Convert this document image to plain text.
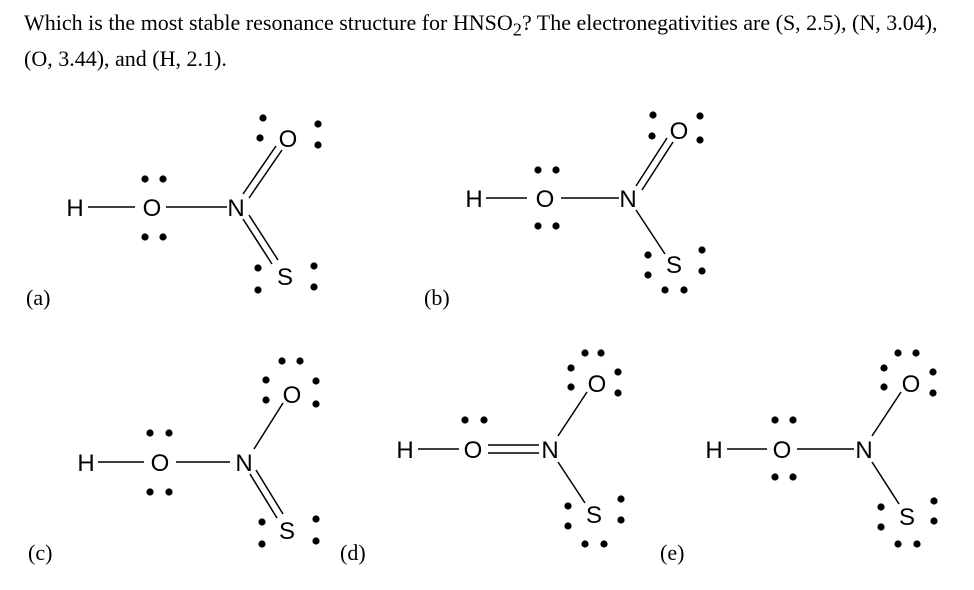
Which is the most stable resonance structure for $HNSO_2$? The electronegativities are (S, 2.5), (N, 3.04), (O, 3.44), and (H, 2.1).
(a)	(b)
(c)	(d)	(e)
H O	N
O
S
H O	N
O
S
H O	N
O
S
H O N
O
S
H O	N
O
S
